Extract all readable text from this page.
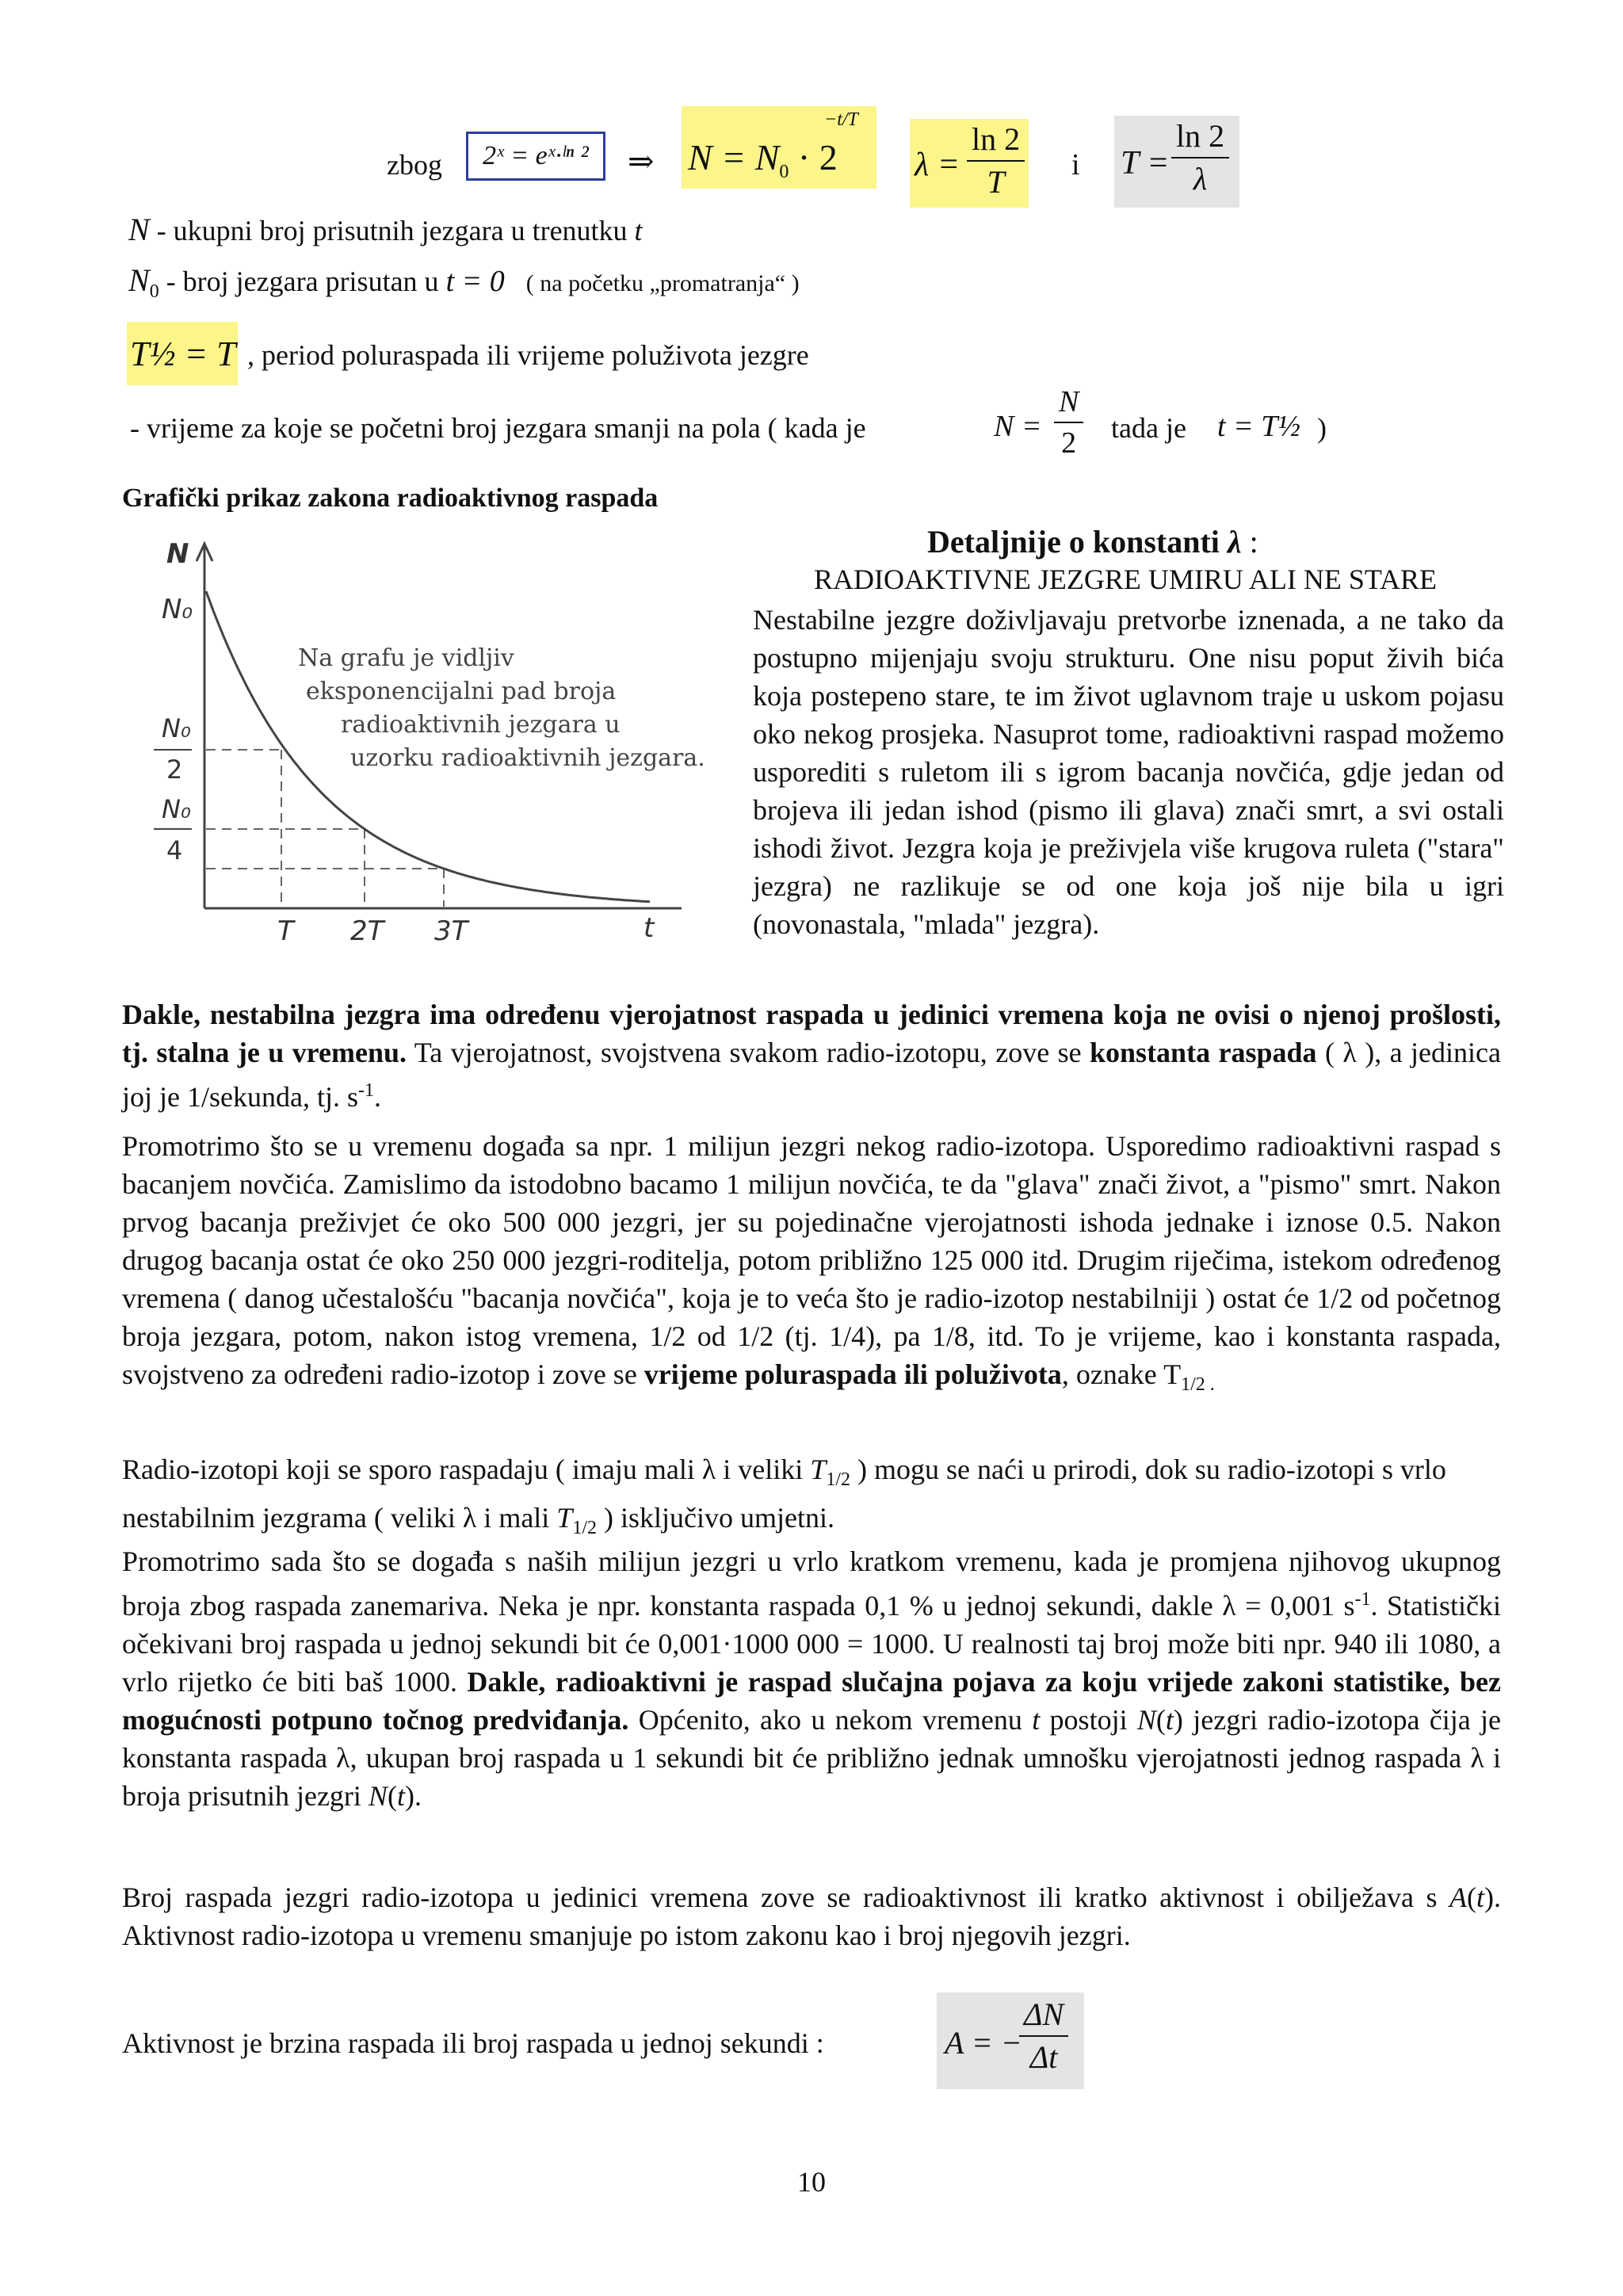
zbog 2ˣ = eˣ·ˡⁿ ² ⇒ $N = N_0 \cdot 2$
−t/T
$\lambda = \frac{\ln 2}{T}$ i $T = \frac{\ln 2}{\lambda}$
N - ukupni broj prisutnih jezgara u trenutku t
$N_0$ - broj jezgara prisutan u t = 0 ( na početku „promatranja“ )
T½ = T , period poluraspada ili vrijeme poluživota jezgre
- vrijeme za koje se početni broj jezgara smanji na pola ( kada je	$N = \frac{N}{2}$ tada je t = T½ )
Grafički prikaz zakona radioaktivnog raspada
N
N₀
N₀
2
N₀
4
T 2T 3T	t
Na grafu je vidljiv
eksponencijalni pad broja
radioaktivnih jezgara u
uzorku radioaktivnih jezgara.
Detaljnije o konstanti λ :
RADIOAKTIVNE JEZGRE UMIRU ALI NE STARE
Nestabilne jezgre doživljavaju pretvorbe iznenada, a ne tako da postupno mijenjaju svoju strukturu. One nisu poput živih bića koja postepeno stare, te im život uglavnom traje u uskom pojasu oko nekog prosjeka. Nasuprot tome, radioaktivni raspad možemo usporediti s ruletom ili s igrom bacanja novčića, gdje jedan od brojeva ili jedan ishod (pismo ili glava) znači smrt, a svi ostali ishodi život. Jezgra koja je preživjela više krugova ruleta ("stara" jezgra) ne razlikuje se od one koja još nije bila u igri (novonastala, "mlada" jezgra).

Dakle, nestabilna jezgra ima određenu vjerojatnost raspada u jedinici vremena koja ne ovisi o njenoj prošlosti, tj. stalna je u vremenu. Ta vjerojatnost, svojstvena svakom radio-izotopu, zove se konstanta raspada ( λ ), a jedinica joj je 1/sekunda, tj. $s^{-1}$.

Promotrimo što se u vremenu događa sa npr. 1 milijun jezgri nekog radio-izotopa. Usporedimo radioaktivni raspad s bacanjem novčića. Zamislimo da istodobno bacamo 1 milijun novčića, te da "glava" znači život, a "pismo" smrt. Nakon prvog bacanja preživjet će oko 500 000 jezgri, jer su pojedinačne vjerojatnosti ishoda jednake i iznose 0.5. Nakon drugog bacanja ostat će oko 250 000 jezgri-roditelja, potom približno 125 000 itd. Drugim riječima, istekom određenog vremena ( danog učestalošću "bacanja novčića", koja je to veća što je radio-izotop nestabilniji ) ostat će 1/2 od početnog broja jezgara, potom, nakon istog vremena, 1/2 od 1/2 (tj. 1/4), pa 1/8, itd. To je vrijeme, kao i konstanta raspada, svojstveno za određeni radio-izotop i zove se vrijeme poluraspada ili poluživota, oznake $T_{1/2 .}$

Radio-izotopi koji se sporo raspadaju ( imaju mali λ i veliki $T_{1/2}$ ) mogu se naći u prirodi, dok su radio-izotopi s vrlo nestabilnim jezgrama ( veliki λ i mali $T_{1/2}$ ) isključivo umjetni.

Promotrimo sada što se događa s naših milijun jezgri u vrlo kratkom vremenu, kada je promjena njihovog ukupnog broja zbog raspada zanemariva. Neka je npr. konstanta raspada 0,1 % u jednoj sekundi, dakle λ = 0,001 $s^{-1}$. Statistički očekivani broj raspada u jednoj sekundi bit će 0,001·1000 000 = 1000. U realnosti taj broj može biti npr. 940 ili 1080, a vrlo rijetko će biti baš 1000. Dakle, radioaktivni je raspad slučajna pojava za koju vrijede zakoni statistike, bez mogućnosti potpuno točnog predviđanja. Općenito, ako u nekom vremenu t postoji N(t) jezgri radio-izotopa čija je konstanta raspada λ, ukupan broj raspada u 1 sekundi bit će približno jednak umnošku vjerojatnosti jednog raspada λ i broja prisutnih jezgri N(t).

Broj raspada jezgri radio-izotopa u jedinici vremena zove se radioaktivnost ili kratko aktivnost i obilježava s A(t). Aktivnost radio-izotopa u vremenu smanjuje po istom zakonu kao i broj njegovih jezgri.

Aktivnost je brzina raspada ili broj raspada u jednoj sekundi :	A = −
$\frac{\Delta N}{\Delta t}$
10
